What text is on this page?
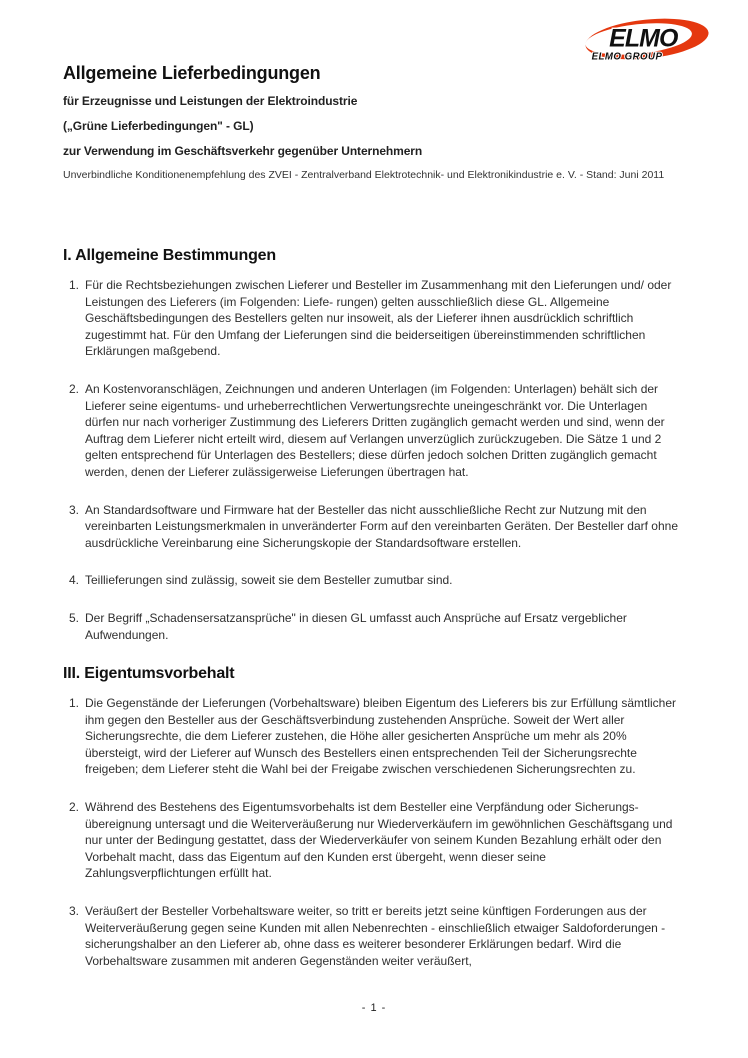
ELMO
ELMO GROUP
Allgemeine Lieferbedingungen

für Erzeugnisse und Leistungen der Elektroindustrie

(„Grüne Lieferbedingungen" - GL)

zur Verwendung im Geschäftsverkehr gegenüber Unternehmern

Unverbindliche Konditionenempfehlung des ZVEI - Zentralverband Elektrotechnik- und Elektronikindustrie e. V. - Stand: Juni 2011

I. Allgemeine Bestimmungen
1. Für die Rechtsbeziehungen zwischen Lieferer und Besteller im Zusammenhang mit den Lieferungen und/ oder Leistungen des Lieferers (im Folgenden: Liefe- rungen) gelten ausschließlich diese GL. Allgemeine Geschäftsbedingungen des Bestellers gelten nur insoweit, als der Lieferer ihnen ausdrücklich schriftlich zugestimmt hat. Für den Umfang der Lieferungen sind die beiderseitigen übereinstimmenden schriftlichen Erklärungen maßgebend.
2. An Kostenvoranschlägen, Zeichnungen und anderen Unterlagen (im Folgenden: Unterlagen) behält sich der Lieferer seine eigentums- und urheberrechtlichen Verwertungsrechte uneingeschränkt vor. Die Unterlagen dürfen nur nach vorheriger Zustimmung des Lieferers Dritten zugänglich gemacht werden und sind, wenn der Auftrag dem Lieferer nicht erteilt wird, diesem auf Verlangen unverzüglich zurückzugeben. Die Sätze 1 und 2 gelten entsprechend für Unterlagen des Bestellers; diese dürfen jedoch solchen Dritten zugänglich gemacht werden, denen der Lieferer zulässigerweise Lieferungen übertragen hat.
3. An Standardsoftware und Firmware hat der Besteller das nicht ausschließliche Recht zur Nutzung mit den vereinbarten Leistungsmerkmalen in unveränderter Form auf den vereinbarten Geräten. Der Besteller darf ohne ausdrückliche Vereinbarung eine Sicherungskopie der Standardsoftware erstellen.
4. Teillieferungen sind zulässig, soweit sie dem Besteller zumutbar sind.
5. Der Begriff „Schadensersatzansprüche" in diesen GL umfasst auch Ansprüche auf Ersatz vergeblicher Aufwendungen.
III. Eigentumsvorbehalt
1. Die Gegenstände der Lieferungen (Vorbehaltsware) bleiben Eigentum des Lieferers bis zur Erfüllung sämtlicher ihm gegen den Besteller aus der Geschäftsverbindung zustehenden Ansprüche. Soweit der Wert aller Sicherungsrechte, die dem Lieferer zustehen, die Höhe aller gesicherten Ansprüche um mehr als 20% übersteigt, wird der Lieferer auf Wunsch des Bestellers einen entsprechenden Teil der Sicherungsrechte freigeben; dem Lieferer steht die Wahl bei der Freigabe zwischen verschiedenen Sicherungsrechten zu.
2. Während des Bestehens des Eigentumsvorbehalts ist dem Besteller eine Verpfändung oder Sicherungs- übereignung untersagt und die Weiterveräußerung nur Wiederverkäufern im gewöhnlichen Geschäftsgang und nur unter der Bedingung gestattet, dass der Wiederverkäufer von seinem Kunden Bezahlung erhält oder den Vorbehalt macht, dass das Eigentum auf den Kunden erst übergeht, wenn dieser seine Zahlungsverpflichtungen erfüllt hat.
3. Veräußert der Besteller Vorbehaltsware weiter, so tritt er bereits jetzt seine künftigen Forderungen aus der Weiterveräußerung gegen seine Kunden mit allen Nebenrechten - einschließlich etwaiger Saldoforderungen - sicherungshalber an den Lieferer ab, ohne dass es weiterer besonderer Erklärungen bedarf. Wird die Vorbehaltsware zusammen mit anderen Gegenständen weiter veräußert,
- 1 -
